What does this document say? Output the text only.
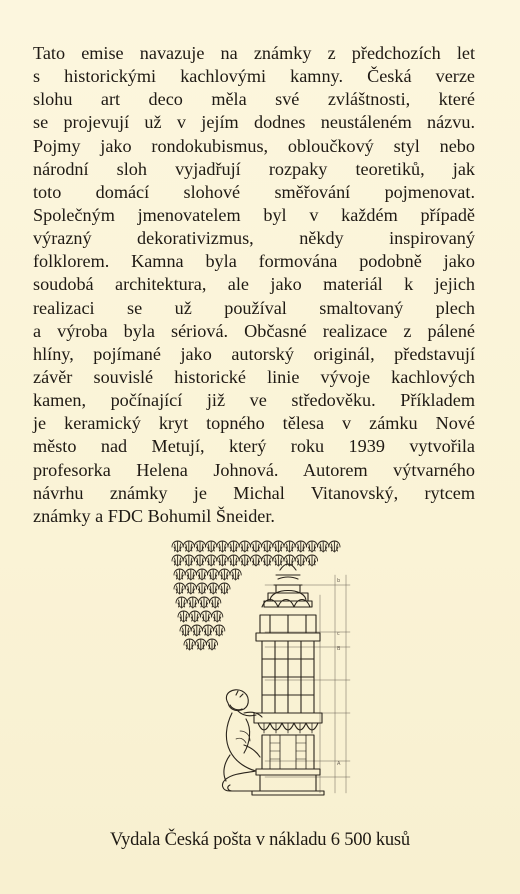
Tato emise navazuje na známky z předchozích let
s historickými kachlovými kamny. Česká verze
slohu art deco měla své zvláštnosti, které
se projevují už v jejím dodnes neustáleném názvu.
Pojmy jako rondokubismus, obloučkový styl nebo
národní sloh vyjadřují rozpaky teoretiků, jak
toto domácí slohové směřování pojmenovat.
Společným jmenovatelem byl v každém případě
výrazný dekorativizmus, někdy inspirovaný
folklorem. Kamna byla formována podobně jako
soudobá architektura, ale jako materiál k jejich
realizaci se už používal smaltovaný plech
a výroba byla sériová. Občasné realizace z pálené
hlíny, pojímané jako autorský originál, představují
závěr souvislé historické linie vývoje kachlových
kamen, počínající již ve středověku. Příkladem
je keramický kryt topného tělesa v zámku Nové
město nad Metují, který roku 1939 vytvořila
profesorka Helena Johnová. Autorem výtvarného
návrhu známky je Michal Vitanovský, rytcem
známky a FDC Bohumil Šneider.
b
c
B
A
Vydala Česká pošta v nákladu 6 500 kusů
